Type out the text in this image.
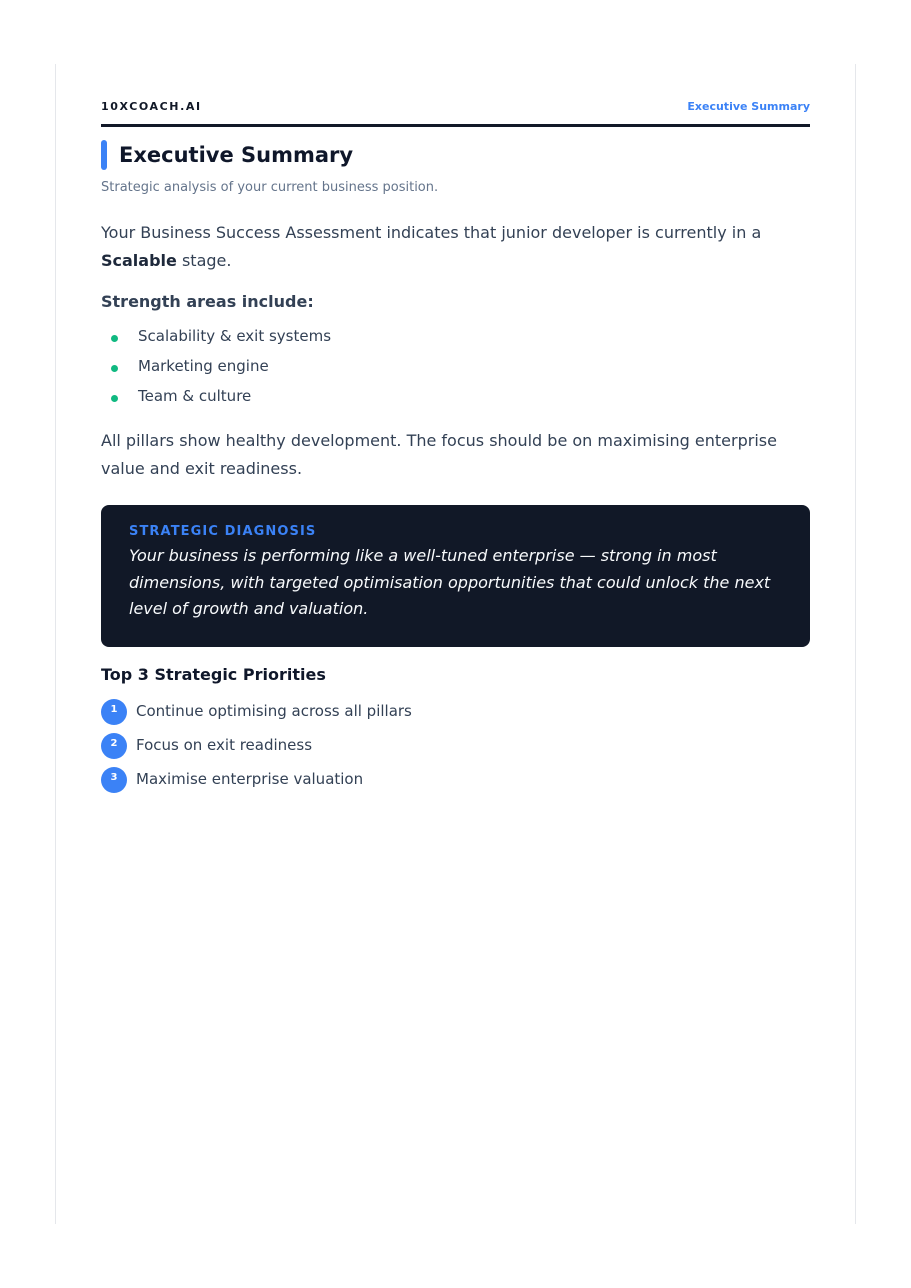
10XCOACH.AI	Executive Summary
Executive Summary
Strategic analysis of your current business position.
Your Business Success Assessment indicates that junior developer is currently in a Scalable stage.
Strength areas include:
Scalability & exit systems
Marketing engine
Team & culture
All pillars show healthy development. The focus should be on maximising enterprise value and exit readiness.
STRATEGIC DIAGNOSIS
Your business is performing like a well-tuned enterprise — strong in most dimensions, with targeted optimisation opportunities that could unlock the next level of growth and valuation.
Top 3 Strategic Priorities
1	Continue optimising across all pillars
2	Focus on exit readiness
3	Maximise enterprise valuation
